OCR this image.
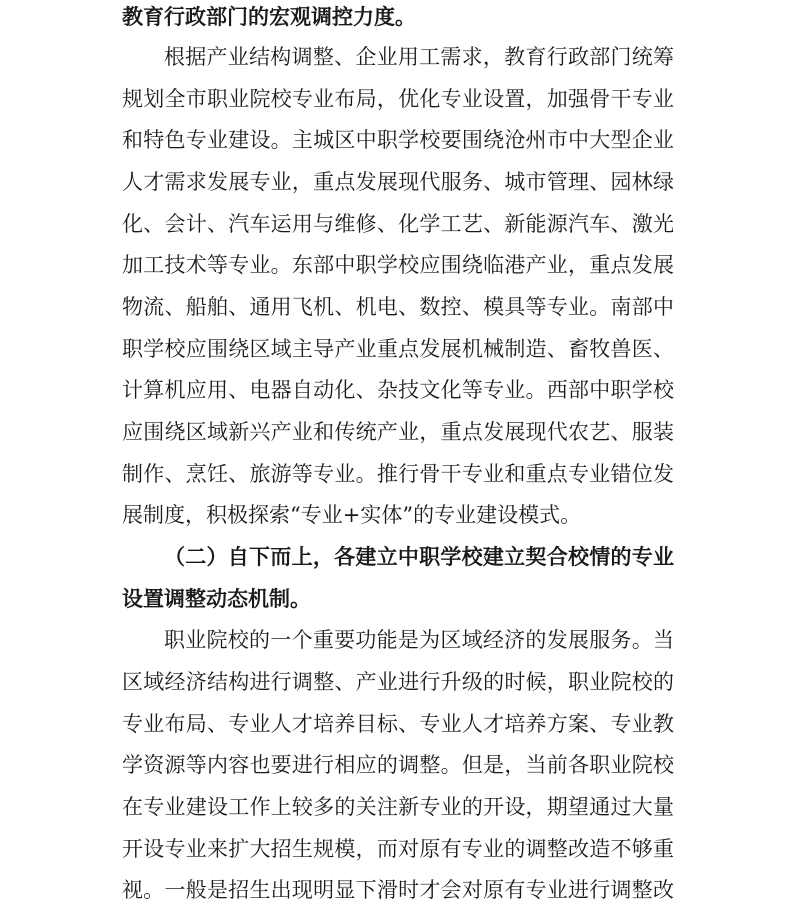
教育行政部门的宏观调控力度。
根据产业结构调整、企业用工需求，教育行政部门统筹
规划全市职业院校专业布局，优化专业设置，加强骨干专业
和特色专业建设。主城区中职学校要围绕沧州市中大型企业
人才需求发展专业，重点发展现代服务、城市管理、园林绿
化、会计、汽车运用与维修、化学工艺、新能源汽车、激光
加工技术等专业。东部中职学校应围绕临港产业，重点发展
物流、船舶、通用飞机、机电、数控、模具等专业。南部中
职学校应围绕区域主导产业重点发展机械制造、畜牧兽医、
计算机应用、电器自动化、杂技文化等专业。西部中职学校
应围绕区域新兴产业和传统产业，重点发展现代农艺、服装
制作、烹饪、旅游等专业。推行骨干专业和重点专业错位发
展制度，积极探索“专业+实体”的专业建设模式。
（二）自下而上，各建立中职学校建立契合校情的专业
设置调整动态机制。
职业院校的一个重要功能是为区域经济的发展服务。当
区域经济结构进行调整、产业进行升级的时候，职业院校的
专业布局、专业人才培养目标、专业人才培养方案、专业教
学资源等内容也要进行相应的调整。但是，当前各职业院校
在专业建设工作上较多的关注新专业的开设，期望通过大量
开设专业来扩大招生规模，而对原有专业的调整改造不够重
视。一般是招生出现明显下滑时才会对原有专业进行调整改
